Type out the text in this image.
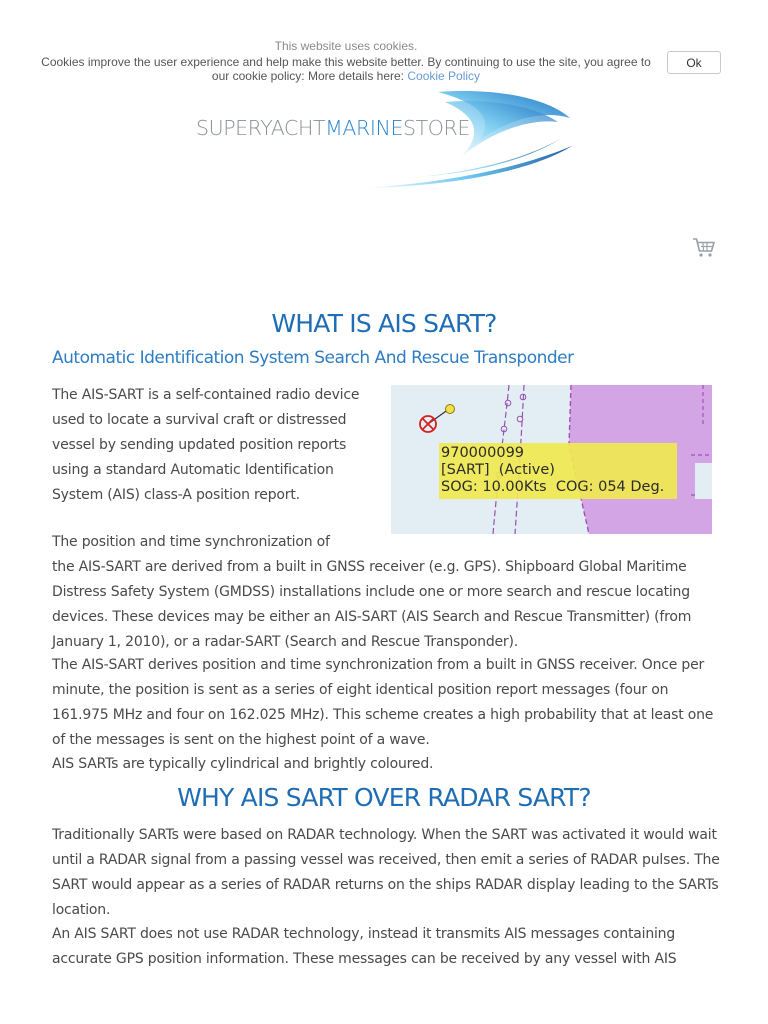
This website uses cookies.
Cookies improve the user experience and help make this website better. By continuing to use the site, you agree to our cookie policy: More details here: Cookie Policy
Ok
SUPERYACHTMARINESTORE
WHAT IS AIS SART?
Automatic Identification System Search And Rescue Transponder
970000099
[SART]  (Active)
SOG: 10.00Kts  COG: 054 Deg.

The AIS-SART is a self-contained radio device used to locate a survival craft or distressed vessel by sending updated position reports using a standard Automatic Identification System (AIS) class-A position report.

The position and time synchronization of
the AIS-SART are derived from a built in GNSS receiver (e.g. GPS). Shipboard Global Maritime Distress Safety System (GMDSS) installations include one or more search and rescue locating devices. These devices may be either an AIS-SART (AIS Search and Rescue Transmitter) (from January 1, 2010), or a radar-SART (Search and Rescue Transponder).

The AIS-SART derives position and time synchronization from a built in GNSS receiver. Once per minute, the position is sent as a series of eight identical position report messages (four on 161.975 MHz and four on 162.025 MHz). This scheme creates a high probability that at least one of the messages is sent on the highest point of a wave.

AIS SARTs are typically cylindrical and brightly coloured.

WHY AIS SART OVER RADAR SART?

Traditionally SARTs were based on RADAR technology. When the SART was activated it would wait until a RADAR signal from a passing vessel was received, then emit a series of RADAR pulses. The SART would appear as a series of RADAR returns on the ships RADAR display leading to the SARTs location.

An AIS SART does not use RADAR technology, instead it transmits AIS messages containing accurate GPS position information. These messages can be received by any vessel with AIS
